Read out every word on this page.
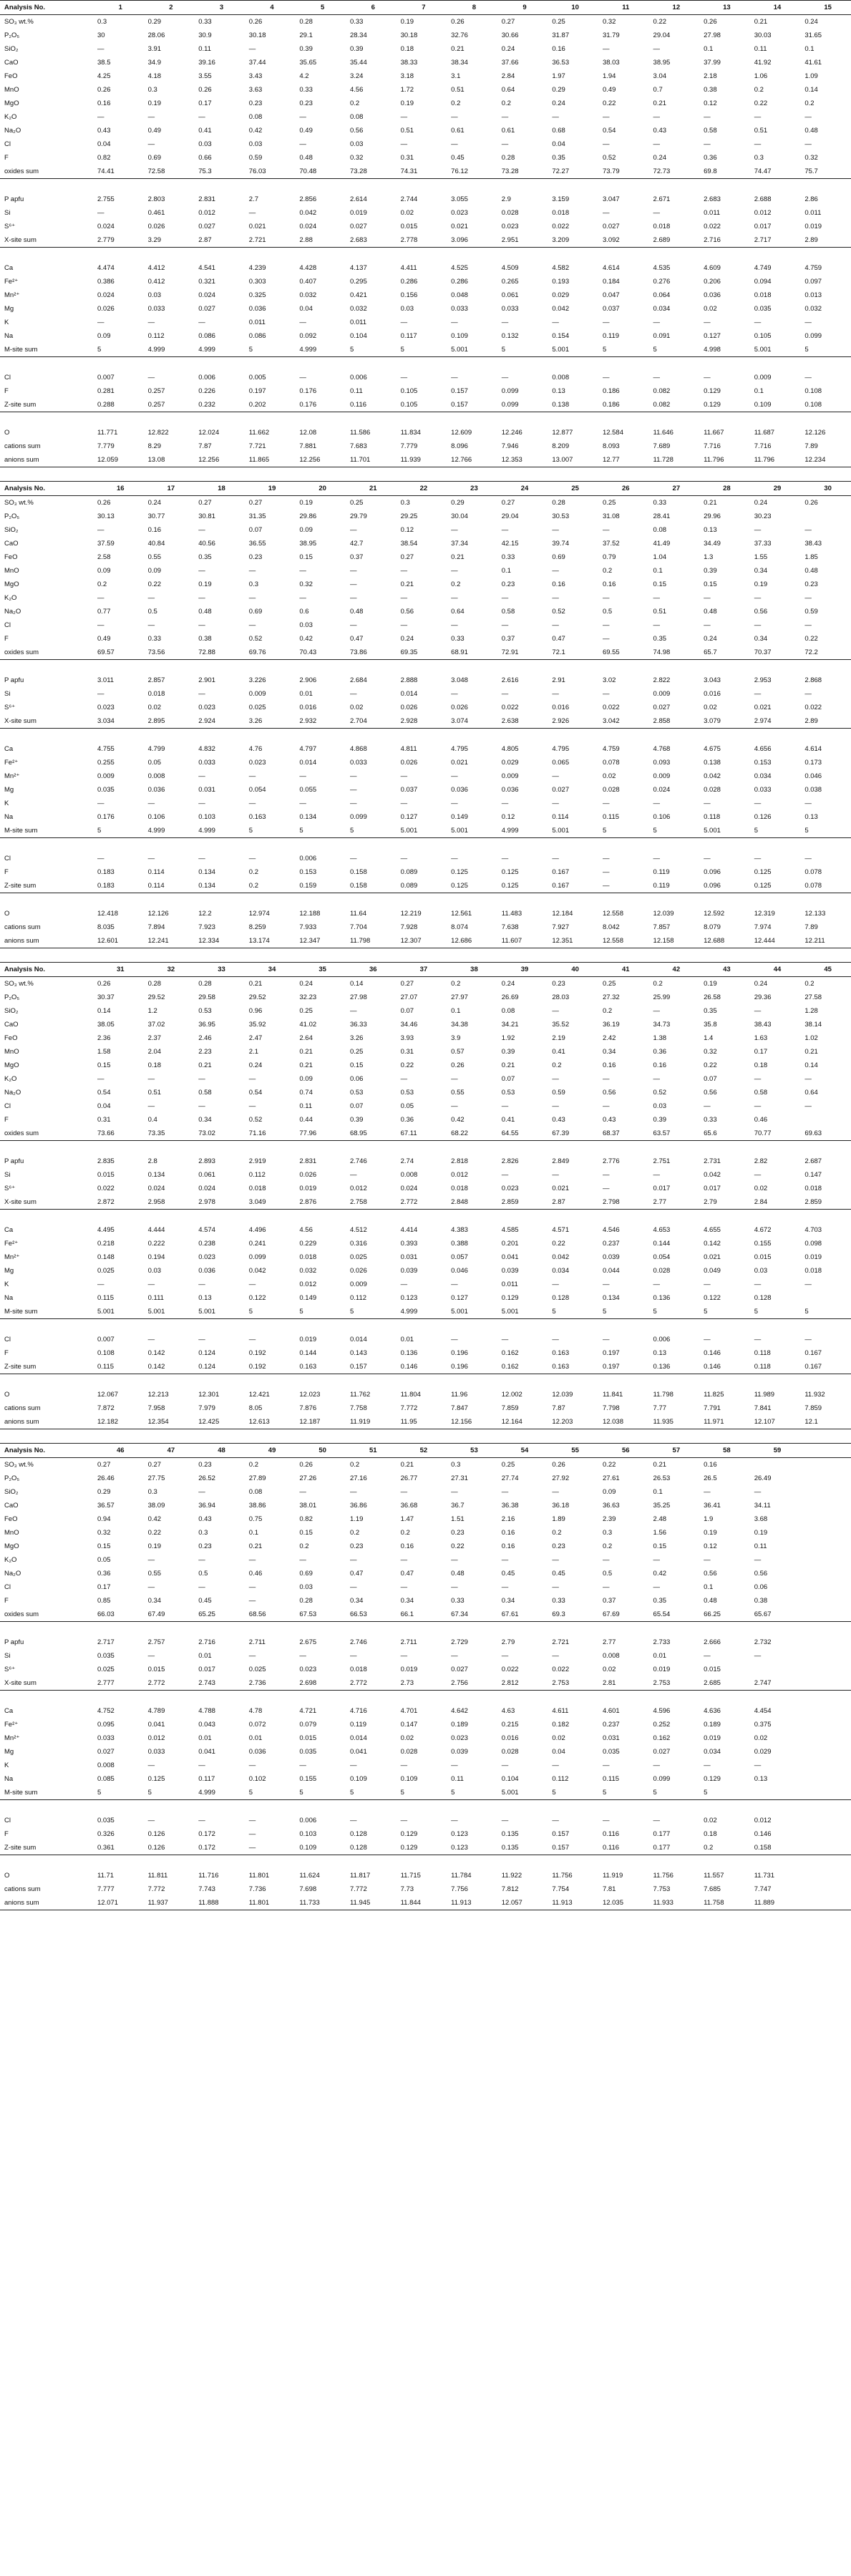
Analysis No.	1	2	3	4	5	6	7	8	9	10	11	12	13	14	15
SO₃ wt.%	0.3	0.29	0.33	0.26	0.28	0.33	0.19	0.26	0.27	0.25	0.32	0.22	0.26	0.21	0.24
P₂O₅	30	28.06	30.9	30.18	29.1	28.34	30.18	32.76	30.66	31.87	31.79	29.04	27.98	30.03	31.65
SiO₂	—	3.91	0.11	—	0.39	0.39	0.18	0.21	0.24	0.16	—	—	0.1	0.11	0.1
CaO	38.5	34.9	39.16	37.44	35.65	35.44	38.33	38.34	37.66	36.53	38.03	38.95	37.99	41.92	41.61
FeO	4.25	4.18	3.55	3.43	4.2	3.24	3.18	3.1	2.84	1.97	1.94	3.04	2.18	1.06	1.09
MnO	0.26	0.3	0.26	3.63	0.33	4.56	1.72	0.51	0.64	0.29	0.49	0.7	0.38	0.2	0.14
MgO	0.16	0.19	0.17	0.23	0.23	0.2	0.19	0.2	0.2	0.24	0.22	0.21	0.12	0.22	0.2
K₂O	—	—	—	0.08	—	0.08	—	—	—	—	—	—	—	—	—
Na₂O	0.43	0.49	0.41	0.42	0.49	0.56	0.51	0.61	0.61	0.68	0.54	0.43	0.58	0.51	0.48
Cl	0.04	—	0.03	0.03	—	0.03	—	—	—	0.04	—	—	—	—	—
F	0.82	0.69	0.66	0.59	0.48	0.32	0.31	0.45	0.28	0.35	0.52	0.24	0.36	0.3	0.32
oxides sum	74.41	72.58	75.3	76.03	70.48	73.28	74.31	76.12	73.28	72.27	73.79	72.73	69.8	74.47	75.7

P apfu	2.755	2.803	2.831	2.7	2.856	2.614	2.744	3.055	2.9	3.159	3.047	2.671	2.683	2.688	2.86
Si	—	0.461	0.012	—	0.042	0.019	0.02	0.023	0.028	0.018	—	—	0.011	0.012	0.011
S⁶⁺	0.024	0.026	0.027	0.021	0.024	0.027	0.015	0.021	0.023	0.022	0.027	0.018	0.022	0.017	0.019
X-site sum	2.779	3.29	2.87	2.721	2.88	2.683	2.778	3.096	2.951	3.209	3.092	2.689	2.716	2.717	2.89

Ca	4.474	4.412	4.541	4.239	4.428	4.137	4.411	4.525	4.509	4.582	4.614	4.535	4.609	4.749	4.759
Fe²⁺	0.386	0.412	0.321	0.303	0.407	0.295	0.286	0.286	0.265	0.193	0.184	0.276	0.206	0.094	0.097
Mn²⁺	0.024	0.03	0.024	0.325	0.032	0.421	0.156	0.048	0.061	0.029	0.047	0.064	0.036	0.018	0.013
Mg	0.026	0.033	0.027	0.036	0.04	0.032	0.03	0.033	0.033	0.042	0.037	0.034	0.02	0.035	0.032
K	—	—	—	0.011	—	0.011	—	—	—	—	—	—	—	—	—
Na	0.09	0.112	0.086	0.086	0.092	0.104	0.117	0.109	0.132	0.154	0.119	0.091	0.127	0.105	0.099
M-site sum	5	4.999	4.999	5	4.999	5	5	5.001	5	5.001	5	5	4.998	5.001	5

Cl	0.007	—	0.006	0.005	—	0.006	—	—	—	0.008	—	—	—	0.009	—
F	0.281	0.257	0.226	0.197	0.176	0.11	0.105	0.157	0.099	0.13	0.186	0.082	0.129	0.1	0.108
Z-site sum	0.288	0.257	0.232	0.202	0.176	0.116	0.105	0.157	0.099	0.138	0.186	0.082	0.129	0.109	0.108

O	11.771	12.822	12.024	11.662	12.08	11.586	11.834	12.609	12.246	12.877	12.584	11.646	11.667	11.687	12.126
cations sum	7.779	8.29	7.87	7.721	7.881	7.683	7.779	8.096	7.946	8.209	8.093	7.689	7.716	7.716	7.89
anions sum	12.059	13.08	12.256	11.865	12.256	11.701	11.939	12.766	12.353	13.007	12.77	11.728	11.796	11.796	12.234
Analysis No.	16	17	18	19	20	21	22	23	24	25	26	27	28	29	30
SO₃ wt.%	0.26	0.24	0.27	0.27	0.19	0.25	0.3	0.29	0.27	0.28	0.25	0.33	0.21	0.24	0.26
P₂O₅	30.13	30.77	30.81	31.35	29.86	29.79	29.25	30.04	29.04	30.53	31.08	28.41	29.96	30.23	
SiO₂	—	0.16	—	0.07	0.09	—	0.12	—	—	—	—	0.08	0.13	—	—
CaO	37.59	40.84	40.56	36.55	38.95	42.7	38.54	37.34	42.15	39.74	37.52	41.49	34.49	37.33	38.43
FeO	2.58	0.55	0.35	0.23	0.15	0.37	0.27	0.21	0.33	0.69	0.79	1.04	1.3	1.55	1.85
MnO	0.09	0.09	—	—	—	—	—	—	0.1	—	0.2	0.1	0.39	0.34	0.48
MgO	0.2	0.22	0.19	0.3	0.32	—	0.21	0.2	0.23	0.16	0.16	0.15	0.15	0.19	0.23
K₂O	—	—	—	—	—	—	—	—	—	—	—	—	—	—	—
Na₂O	0.77	0.5	0.48	0.69	0.6	0.48	0.56	0.64	0.58	0.52	0.5	0.51	0.48	0.56	0.59
Cl	—	—	—	—	0.03	—	—	—	—	—	—	—	—	—	—
F	0.49	0.33	0.38	0.52	0.42	0.47	0.24	0.33	0.37	0.47	—	0.35	0.24	0.34	0.22
oxides sum	69.57	73.56	72.88	69.76	70.43	73.86	69.35	68.91	72.91	72.1	69.55	74.98	65.7	70.37	72.2

P apfu	3.011	2.857	2.901	3.226	2.906	2.684	2.888	3.048	2.616	2.91	3.02	2.822	3.043	2.953	2.868
Si	—	0.018	—	0.009	0.01	—	0.014	—	—	—	—	0.009	0.016	—	—
S⁶⁺	0.023	0.02	0.023	0.025	0.016	0.02	0.026	0.026	0.022	0.016	0.022	0.027	0.02	0.021	0.022
X-site sum	3.034	2.895	2.924	3.26	2.932	2.704	2.928	3.074	2.638	2.926	3.042	2.858	3.079	2.974	2.89

Ca	4.755	4.799	4.832	4.76	4.797	4.868	4.811	4.795	4.805	4.795	4.759	4.768	4.675	4.656	4.614
Fe²⁺	0.255	0.05	0.033	0.023	0.014	0.033	0.026	0.021	0.029	0.065	0.078	0.093	0.138	0.153	0.173
Mn²⁺	0.009	0.008	—	—	—	—	—	—	0.009	—	0.02	0.009	0.042	0.034	0.046
Mg	0.035	0.036	0.031	0.054	0.055	—	0.037	0.036	0.036	0.027	0.028	0.024	0.028	0.033	0.038
K	—	—	—	—	—	—	—	—	—	—	—	—	—	—	—
Na	0.176	0.106	0.103	0.163	0.134	0.099	0.127	0.149	0.12	0.114	0.115	0.106	0.118	0.126	0.13
M-site sum	5	4.999	4.999	5	5	5	5.001	5.001	4.999	5.001	5	5	5.001	5	5

Cl	—	—	—	—	0.006	—	—	—	—	—	—	—	—	—	—
F	0.183	0.114	0.134	0.2	0.153	0.158	0.089	0.125	0.125	0.167	—	0.119	0.096	0.125	0.078
Z-site sum	0.183	0.114	0.134	0.2	0.159	0.158	0.089	0.125	0.125	0.167	—	0.119	0.096	0.125	0.078

O	12.418	12.126	12.2	12.974	12.188	11.64	12.219	12.561	11.483	12.184	12.558	12.039	12.592	12.319	12.133
cations sum	8.035	7.894	7.923	8.259	7.933	7.704	7.928	8.074	7.638	7.927	8.042	7.857	8.079	7.974	7.89
anions sum	12.601	12.241	12.334	13.174	12.347	11.798	12.307	12.686	11.607	12.351	12.558	12.158	12.688	12.444	12.211
Analysis No.	31	32	33	34	35	36	37	38	39	40	41	42	43	44	45
SO₃ wt.%	0.26	0.28	0.28	0.21	0.24	0.14	0.27	0.2	0.24	0.23	0.25	0.2	0.19	0.24	0.2
P₂O₅	30.37	29.52	29.58	29.52	32.23	27.98	27.07	27.97	26.69	28.03	27.32	25.99	26.58	29.36	27.58
SiO₂	0.14	1.2	0.53	0.96	0.25	—	0.07	0.1	0.08	—	0.2	—	0.35	—	1.28
CaO	38.05	37.02	36.95	35.92	41.02	36.33	34.46	34.38	34.21	35.52	36.19	34.73	35.8	38.43	38.14
FeO	2.36	2.37	2.46	2.47	2.64	3.26	3.93	3.9	1.92	2.19	2.42	1.38	1.4	1.63	1.02
MnO	1.58	2.04	2.23	2.1	0.21	0.25	0.31	0.57	0.39	0.41	0.34	0.36	0.32	0.17	0.21
MgO	0.15	0.18	0.21	0.24	0.21	0.15	0.22	0.26	0.21	0.2	0.16	0.16	0.22	0.18	0.14
K₂O	—	—	—	—	0.09	0.06	—	—	0.07	—	—	—	0.07	—	—
Na₂O	0.54	0.51	0.58	0.54	0.74	0.53	0.53	0.55	0.53	0.59	0.56	0.52	0.56	0.58	0.64
Cl	0.04	—	—	—	0.11	0.07	0.05	—	—	—	—	0.03	—	—	—
F	0.31	0.4	0.34	0.52	0.44	0.39	0.36	0.42	0.41	0.43	0.43	0.39	0.33	0.46	
oxides sum	73.66	73.35	73.02	71.16	77.96	68.95	67.11	68.22	64.55	67.39	68.37	63.57	65.6	70.77	69.63

P apfu	2.835	2.8	2.893	2.919	2.831	2.746	2.74	2.818	2.826	2.849	2.776	2.751	2.731	2.82	2.687
Si	0.015	0.134	0.061	0.112	0.026	—	0.008	0.012	—	—	—	—	0.042	—	0.147
S⁶⁺	0.022	0.024	0.024	0.018	0.019	0.012	0.024	0.018	0.023	0.021	—	0.017	0.017	0.02	0.018
X-site sum	2.872	2.958	2.978	3.049	2.876	2.758	2.772	2.848	2.859	2.87	2.798	2.77	2.79	2.84	2.859

Ca	4.495	4.444	4.574	4.496	4.56	4.512	4.414	4.383	4.585	4.571	4.546	4.653	4.655	4.672	4.703
Fe²⁺	0.218	0.222	0.238	0.241	0.229	0.316	0.393	0.388	0.201	0.22	0.237	0.144	0.142	0.155	0.098
Mn²⁺	0.148	0.194	0.023	0.099	0.018	0.025	0.031	0.057	0.041	0.042	0.039	0.054	0.021	0.015	0.019
Mg	0.025	0.03	0.036	0.042	0.032	0.026	0.039	0.046	0.039	0.034	0.044	0.028	0.049	0.03	0.018
K	—	—	—	—	0.012	0.009	—	—	0.011	—	—	—	—	—	—
Na	0.115	0.111	0.13	0.122	0.149	0.112	0.123	0.127	0.129	0.128	0.134	0.136	0.122	0.128	
M-site sum	5.001	5.001	5.001	5	5	5	4.999	5.001	5.001	5	5	5	5	5	5

Cl	0.007	—	—	—	0.019	0.014	0.01	—	—	—	—	0.006	—	—	—
F	0.108	0.142	0.124	0.192	0.144	0.143	0.136	0.196	0.162	0.163	0.197	0.13	0.146	0.118	0.167
Z-site sum	0.115	0.142	0.124	0.192	0.163	0.157	0.146	0.196	0.162	0.163	0.197	0.136	0.146	0.118	0.167

O	12.067	12.213	12.301	12.421	12.023	11.762	11.804	11.96	12.002	12.039	11.841	11.798	11.825	11.989	11.932
cations sum	7.872	7.958	7.979	8.05	7.876	7.758	7.772	7.847	7.859	7.87	7.798	7.77	7.791	7.841	7.859
anions sum	12.182	12.354	12.425	12.613	12.187	11.919	11.95	12.156	12.164	12.203	12.038	11.935	11.971	12.107	12.1
Analysis No.	46	47	48	49	50	51	52	53	54	55	56	57	58	59	
SO₃ wt.%	0.27	0.27	0.23	0.2	0.26	0.2	0.21	0.3	0.25	0.26	0.22	0.21	0.16		
P₂O₅	26.46	27.75	26.52	27.89	27.26	27.16	26.77	27.31	27.74	27.92	27.61	26.53	26.5	26.49	
SiO₂	0.29	0.3	—	0.08	—	—	—	—	—	—	0.09	0.1	—	—	
CaO	36.57	38.09	36.94	38.86	38.01	36.86	36.68	36.7	36.38	36.18	36.63	35.25	36.41	34.11	
FeO	0.94	0.42	0.43	0.75	0.82	1.19	1.47	1.51	2.16	1.89	2.39	2.48	1.9	3.68	
MnO	0.32	0.22	0.3	0.1	0.15	0.2	0.2	0.23	0.16	0.2	0.3	1.56	0.19	0.19	
MgO	0.15	0.19	0.23	0.21	0.2	0.23	0.16	0.22	0.16	0.23	0.2	0.15	0.12	0.11	
K₂O	0.05	—	—	—	—	—	—	—	—	—	—	—	—	—	
Na₂O	0.36	0.55	0.5	0.46	0.69	0.47	0.47	0.48	0.45	0.45	0.5	0.42	0.56	0.56	
Cl	0.17	—	—	—	0.03	—	—	—	—	—	—	—	0.1	0.06	
F	0.85	0.34	0.45	—	0.28	0.34	0.34	0.33	0.34	0.33	0.37	0.35	0.48	0.38	
oxides sum	66.03	67.49	65.25	68.56	67.53	66.53	66.1	67.34	67.61	69.3	67.69	65.54	66.25	65.67	

P apfu	2.717	2.757	2.716	2.711	2.675	2.746	2.711	2.729	2.79	2.721	2.77	2.733	2.666	2.732	
Si	0.035	—	0.01	—	—	—	—	—	—	—	0.008	0.01	—	—	
S⁶⁺	0.025	0.015	0.017	0.025	0.023	0.018	0.019	0.027	0.022	0.022	0.02	0.019	0.015		
X-site sum	2.777	2.772	2.743	2.736	2.698	2.772	2.73	2.756	2.812	2.753	2.81	2.753	2.685	2.747	

Ca	4.752	4.789	4.788	4.78	4.721	4.716	4.701	4.642	4.63	4.611	4.601	4.596	4.636	4.454	
Fe²⁺	0.095	0.041	0.043	0.072	0.079	0.119	0.147	0.189	0.215	0.182	0.237	0.252	0.189	0.375	
Mn²⁺	0.033	0.012	0.01	0.01	0.015	0.014	0.02	0.023	0.016	0.02	0.031	0.162	0.019	0.02	
Mg	0.027	0.033	0.041	0.036	0.035	0.041	0.028	0.039	0.028	0.04	0.035	0.027	0.034	0.029	
K	0.008	—	—	—	—	—	—	—	—	—	—	—	—	—	
Na	0.085	0.125	0.117	0.102	0.155	0.109	0.109	0.11	0.104	0.112	0.115	0.099	0.129	0.13	
M-site sum	5	5	4.999	5	5	5	5	5	5.001	5	5	5	5		

Cl	0.035	—	—	—	0.006	—	—	—	—	—	—	—	0.02	0.012	
F	0.326	0.126	0.172	—	0.103	0.128	0.129	0.123	0.135	0.157	0.116	0.177	0.18	0.146	
Z-site sum	0.361	0.126	0.172	—	0.109	0.128	0.129	0.123	0.135	0.157	0.116	0.177	0.2	0.158	

O	11.71	11.811	11.716	11.801	11.624	11.817	11.715	11.784	11.922	11.756	11.919	11.756	11.557	11.731	
cations sum	7.777	7.772	7.743	7.736	7.698	7.772	7.73	7.756	7.812	7.754	7.81	7.753	7.685	7.747	
anions sum	12.071	11.937	11.888	11.801	11.733	11.945	11.844	11.913	12.057	11.913	12.035	11.933	11.758	11.889	
